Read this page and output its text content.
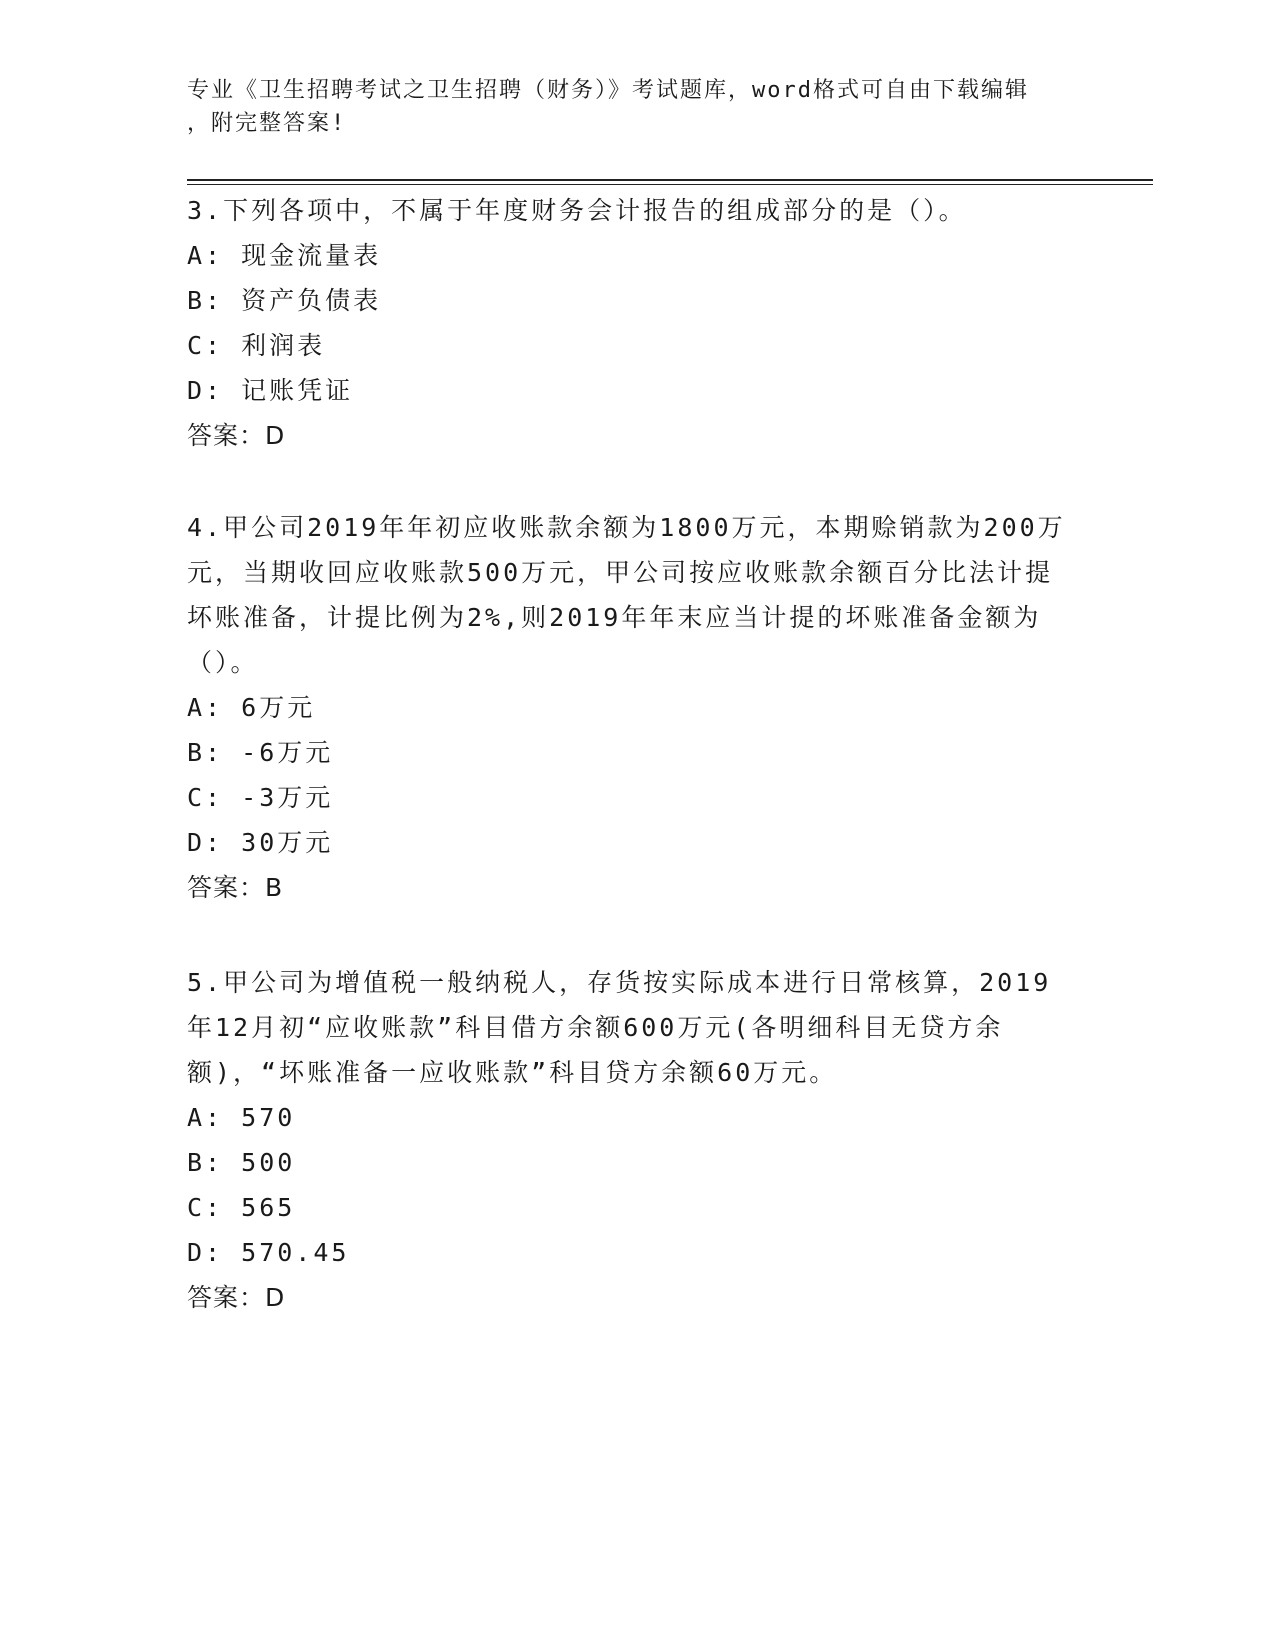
专业《卫生招聘考试之卫生招聘（财务）》考试题库，word格式可自由下载编辑
，附完整答案!
3.下列各项中，不属于年度财务会计报告的组成部分的是（）。
A: 现金流量表
B: 资产负债表
C: 利润表
D: 记账凭证
答案：D
4.甲公司2019年年初应收账款余额为1800万元，本期赊销款为200万元，当期收回应收账款500万元，甲公司按应收账款余额百分比法计提坏账准备，计提比例为2%,则2019年年末应当计提的坏账准备金额为（）。
A: 6万元
B: -6万元
C: -3万元
D: 30万元
答案：B
5.甲公司为增值税一般纳税人，存货按实际成本进行日常核算，2019年12月初“应收账款”科目借方余额600万元(各明细科目无贷方余额)，“坏账准备一应收账款”科目贷方余额60万元。
A: 570
B: 500
C: 565
D: 570.45
答案：D
